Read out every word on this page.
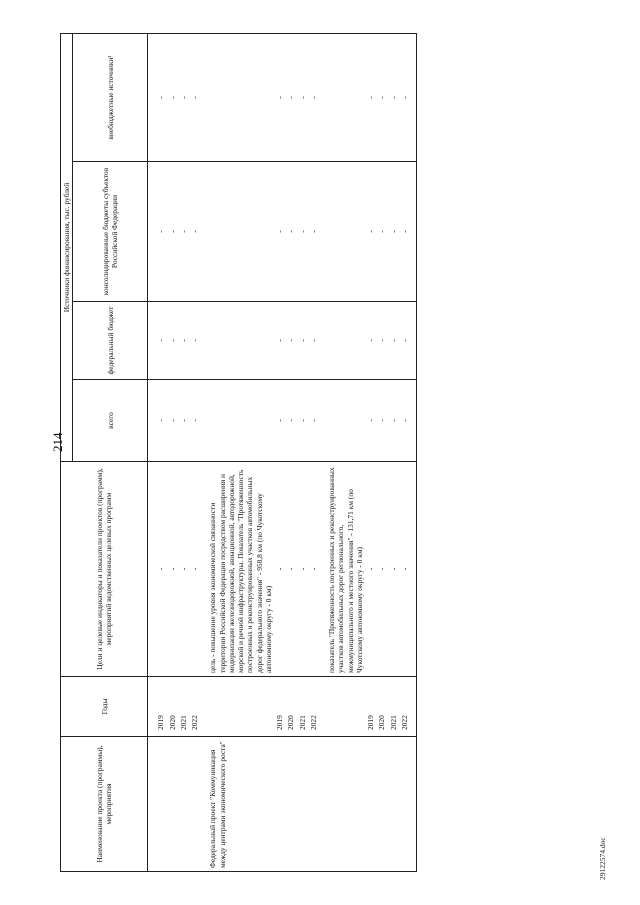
214
29122574.doc
Наименование проекта (программы), мероприятия	Годы	Цели и целевые индикаторы и показатели проектов (программ), мероприятий ведомственных целевых программ	Источники финансирования, тыс. рублей			
			всего	федеральный бюджет	консолидированные бюджеты субъектов Российской Федерации	внебюджетные источники¹
	2019	-	-	-	-	-
	2020	-	-	-	-	-
	2021	-	-	-	-	-
	2022	-	-	-	-	-
Федеральный проект "Коммуникация между центрами экономического роста"		цель - повышение уровня экономической связанности территории Российской Федерации посредством расширения и модернизации железнодорожной, авиационной, автодорожной, морской и речной инфраструктуры. Показатель "Протяженность построенных и реконструированных участков автомобильных дорог федерального значения" - 958,8 км (по Чукотскому автономному округу - 0 км)				
	2019	-	-	-	-	-
	2020	-	-	-	-	-
	2021	-	-	-	-	-
	2022	-	-	-	-	-
		показатель "Протяженность построенных и реконструированных участков автомобильных дорог регионального, межмуниципального и местного значения" - 131,71 км (по Чукотскому автономному округу - 0 км)				
	2019	-	-	-	-	-
	2020	-	-	-	-	-
	2021	-	-	-	-	-
	2022	-	-	-	-	-
